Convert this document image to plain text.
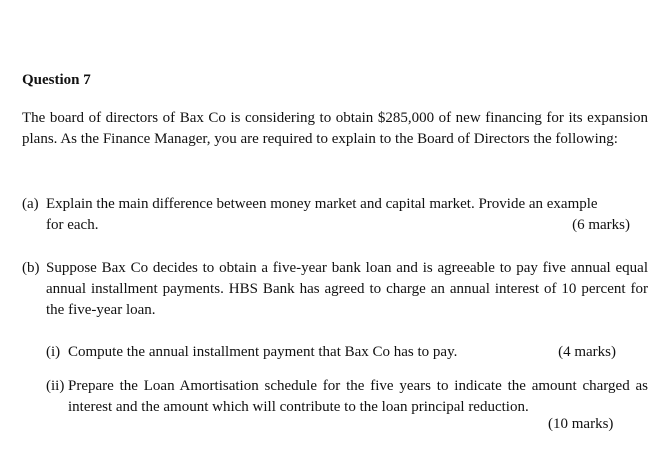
Question 7
The board of directors of Bax Co is considering to obtain $285,000 of new financing for its expansion plans. As the Finance Manager, you are required to explain to the Board of Directors the following:
(a) Explain the main difference between money market and capital market. Provide an example
for each.	(6 marks)
(b) Suppose Bax Co decides to obtain a five-year bank loan and is agreeable to pay five annual equal annual installment payments. HBS Bank has agreed to charge an annual interest of 10 percent for the five-year loan.
(i) Compute the annual installment payment that Bax Co has to pay.	(4 marks)
(ii) Prepare the Loan Amortisation schedule for the five years to indicate the amount charged as interest and the amount which will contribute to the loan principal reduction.
(10 marks)
